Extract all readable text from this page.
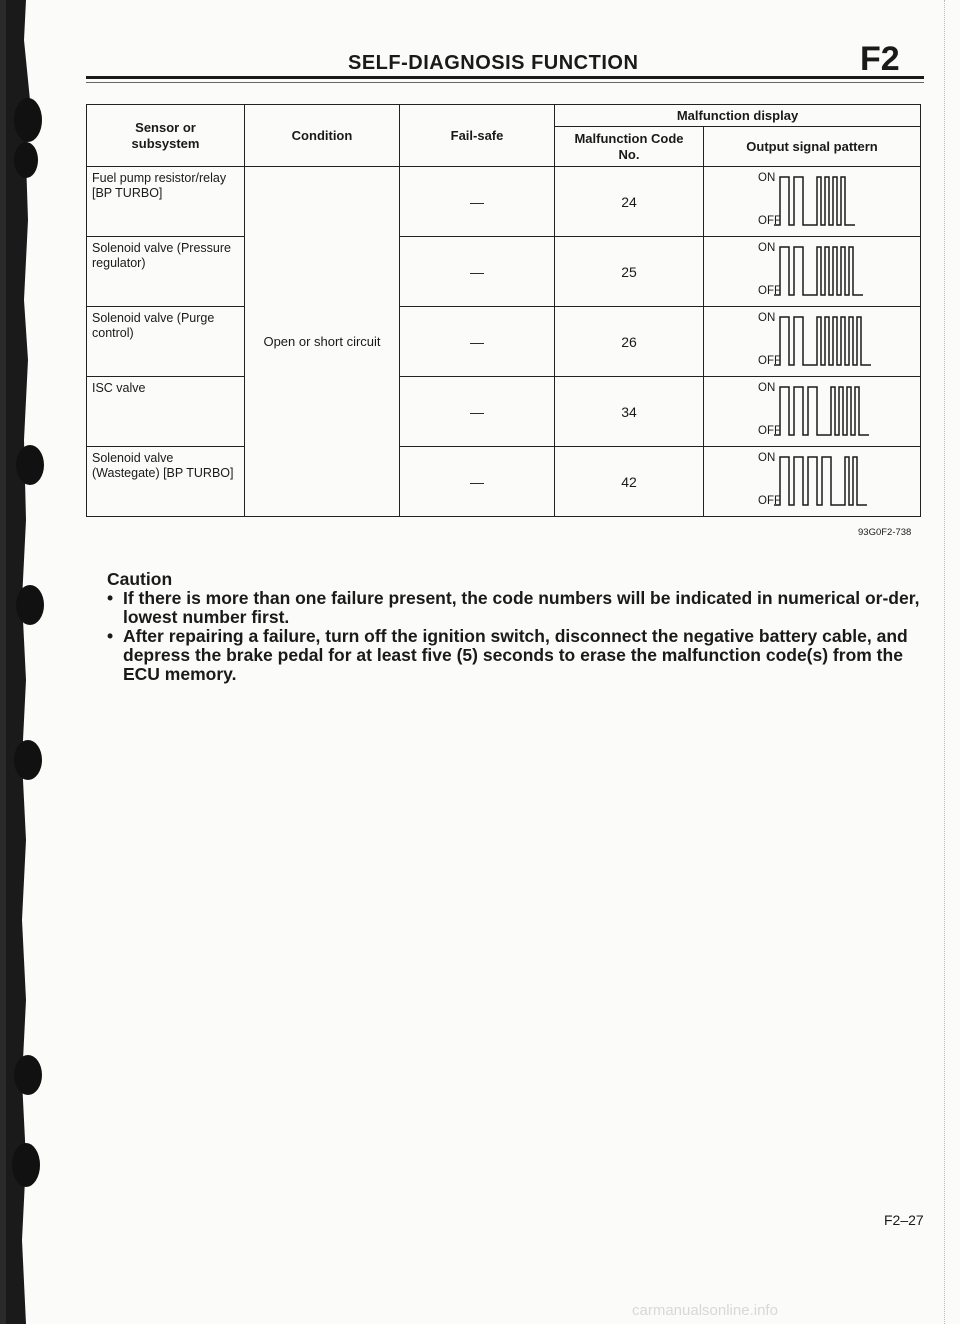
SELF-DIAGNOSIS FUNCTION	F2
Sensor or subsystem	Condition	Fail-safe	Malfunction display	
			Malfunction Code No.	Output signal pattern
Fuel pump resistor/relay [BP TURBO]	Open or short circuit	—	24	ON
OFF

Solenoid valve (Pressure regulator)		—	25	ON
OFF

Solenoid valve (Purge control)		—	26	ON
OFF

ISC valve		—	34	ON
OFF

Solenoid valve (Wastegate) [BP TURBO]		—	42	ON
OFF
93G0F2-738
Caution
• If there is more than one failure present, the code numbers will be indicated in numerical or-der, lowest number first.
• After repairing a failure, turn off the ignition switch, disconnect the negative battery cable, and depress the brake pedal for at least five (5) seconds to erase the malfunction code(s) from the ECU memory.
F2–27
carmanualsonline.info
